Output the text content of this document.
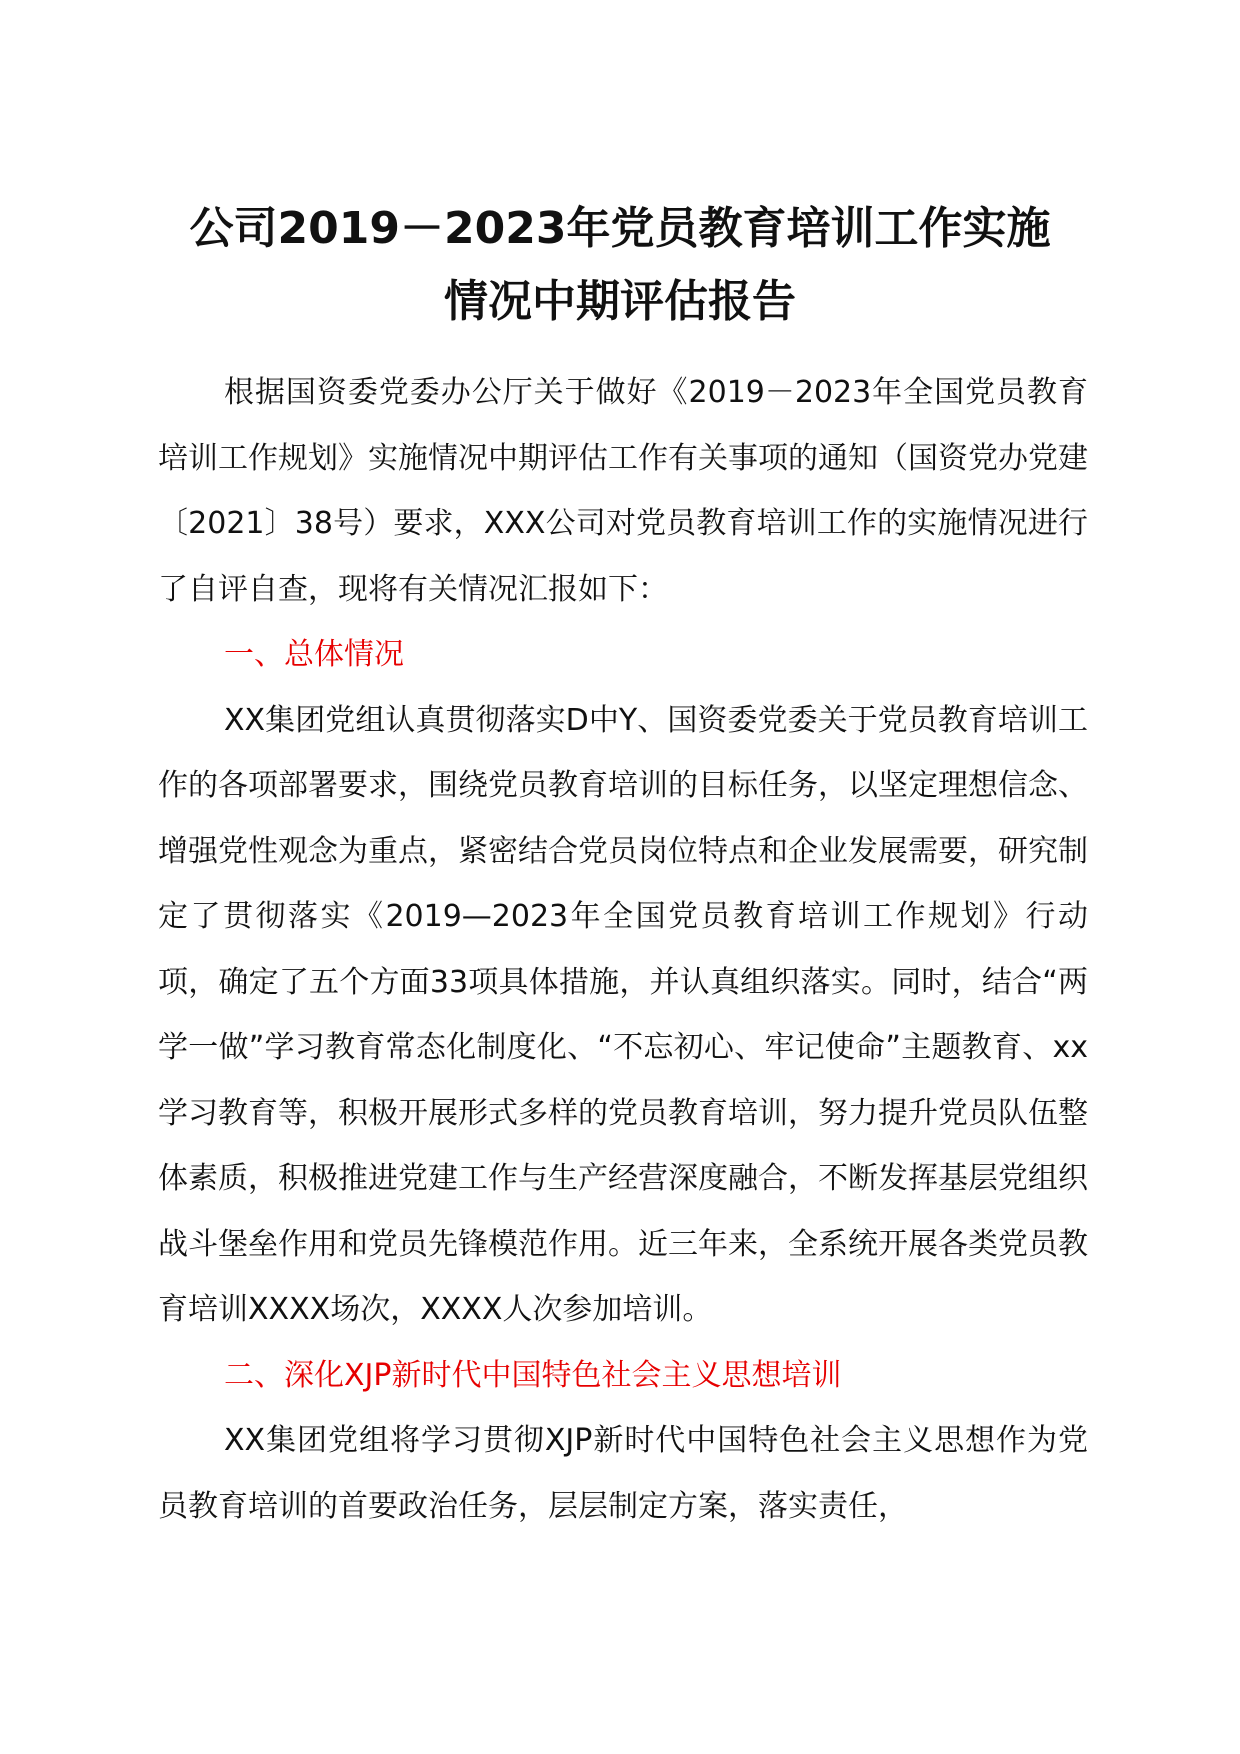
公司2019－2023年党员教育培训工作实施
情况中期评估报告

根据国资委党委办公厅关于做好《2019－2023年全国党员教育培训工作规划》实施情况中期评估工作有关事项的通知（国资党办党建〔2021〕38号）要求，XXX公司对党员教育培训工作的实施情况进行了自评自查，现将有关情况汇报如下：

一、总体情况

XX集团党组认真贯彻落实D中Y、国资委党委关于党员教育培训工作的各项部署要求，围绕党员教育培训的目标任务，以坚定理想信念、增强党性观念为重点，紧密结合党员岗位特点和企业发展需要，研究制定了贯彻落实《2019—2023年全国党员教育培训工作规划》行动项，确定了五个方面33项具体措施，并认真组织落实。同时，结合“两学一做”学习教育常态化制度化、“不忘初心、牢记使命”主题教育、xx学习教育等，积极开展形式多样的党员教育培训，努力提升党员队伍整体素质，积极推进党建工作与生产经营深度融合，不断发挥基层党组织战斗堡垒作用和党员先锋模范作用。近三年来，全系统开展各类党员教育培训XXXX场次，XXXX人次参加培训。

二、深化XJP新时代中国特色社会主义思想培训

XX集团党组将学习贯彻XJP新时代中国特色社会主义思想作为党员教育培训的首要政治任务，层层制定方案，落实责任，
